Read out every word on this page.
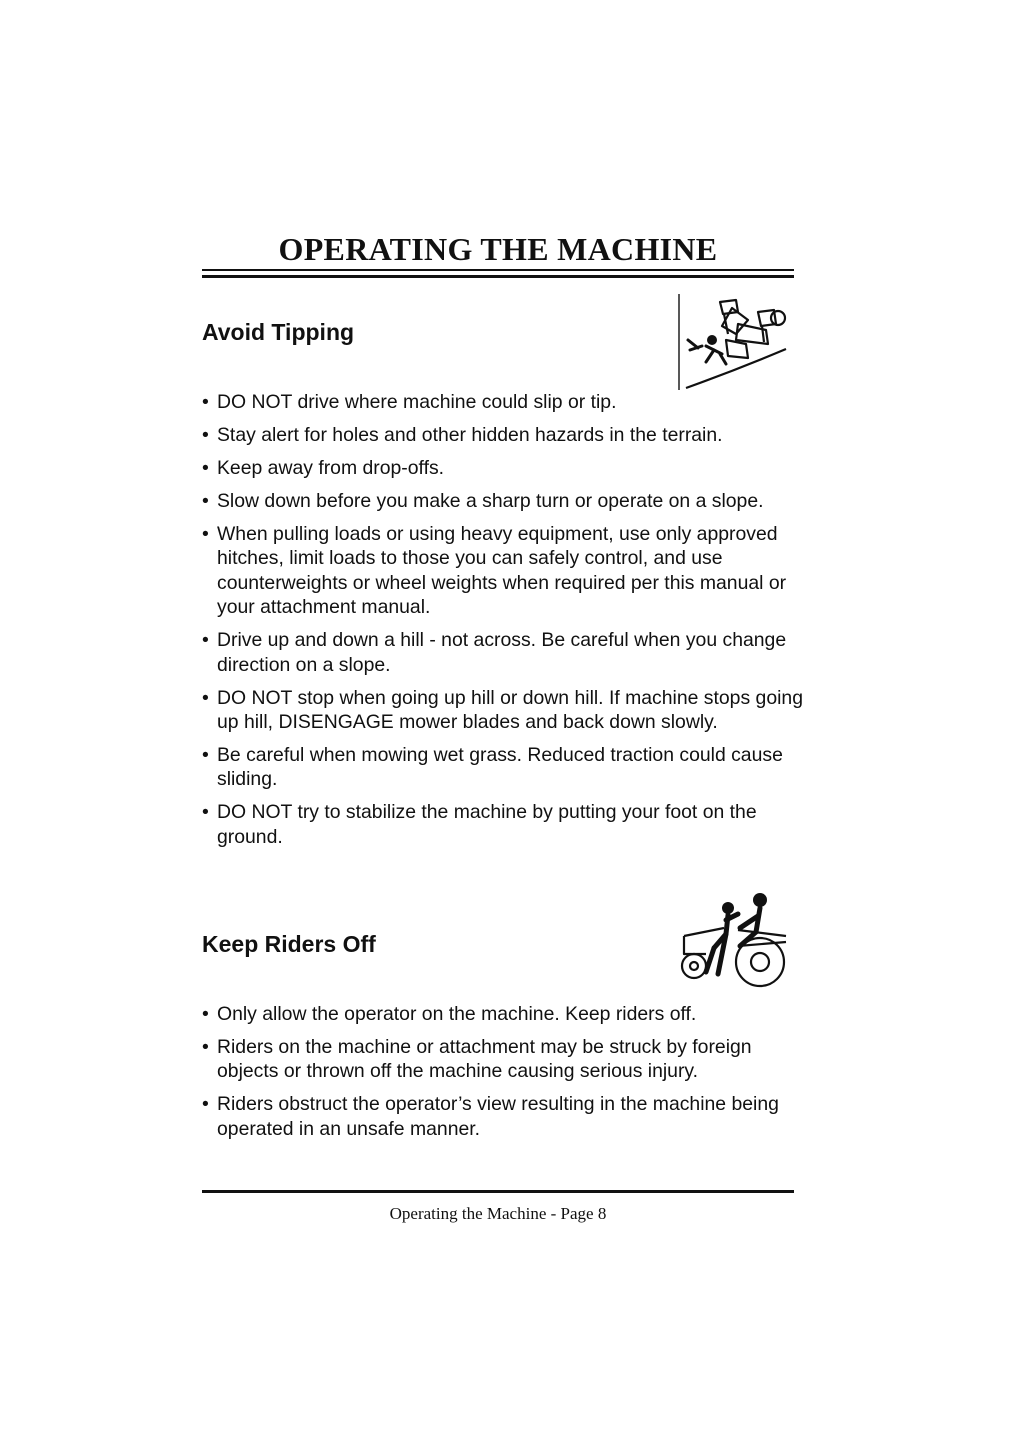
OPERATING THE MACHINE
Avoid Tipping
• DO NOT drive where machine could slip or tip.
• Stay alert for holes and other hidden hazards in the terrain.
• Keep away from drop-offs.
• Slow down before you make a sharp turn or operate on a slope.
• When pulling loads or using heavy equipment, use only approved hitches, limit loads to those you can safely control, and use counterweights or wheel weights when required per this manual or your attachment manual.
• Drive up and down a hill - not across. Be careful when you change direction on a slope.
• DO NOT stop when going up hill or down hill. If machine stops going up hill, DISENGAGE mower blades and back down slowly.
• Be careful when mowing wet grass. Reduced traction could cause sliding.
• DO NOT try to stabilize the machine by putting your foot on the ground.
Keep Riders Off
• Only allow the operator on the machine. Keep riders off.
• Riders on the machine or attachment may be struck by foreign objects or thrown off the machine causing serious injury.
• Riders obstruct the operator’s view resulting in the machine being operated in an unsafe manner.
Operating the Machine - Page 8
